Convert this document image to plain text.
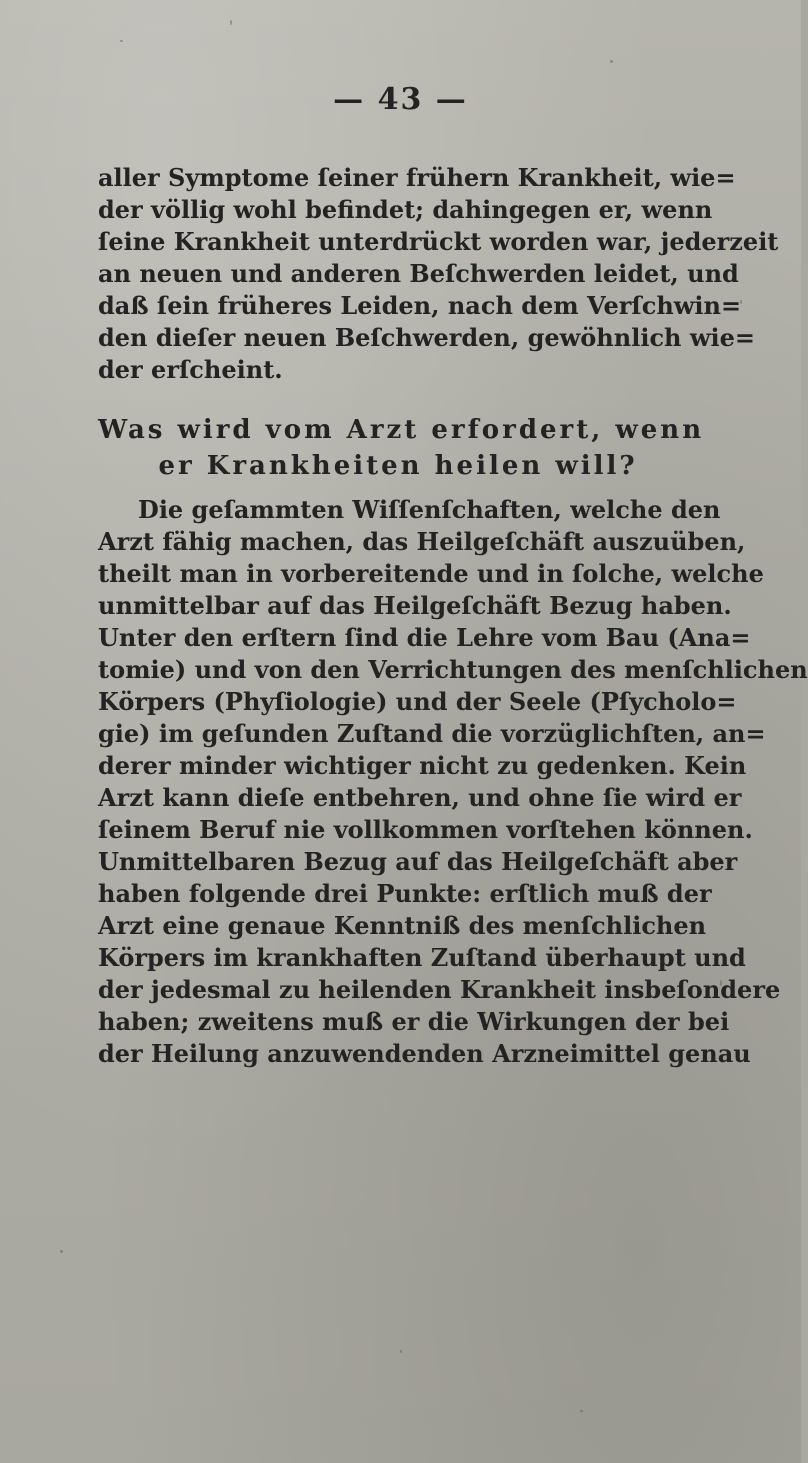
— 43 —
aller Symptome ſeiner frühern Krankheit, wie=
der völlig wohl befindet; dahingegen er, wenn
ſeine Krankheit unterdrückt worden war, jederzeit
an neuen und anderen Beſchwerden leidet, und
daß ſein früheres Leiden, nach dem Verſchwin=
den dieſer neuen Beſchwerden, gewöhnlich wie=
der erſcheint.
Was wird vom Arzt erfordert, wenn
er Krankheiten heilen will?
Die geſammten Wiſſenſchaften, welche den
Arzt fähig machen, das Heilgeſchäft auszuüben,
theilt man in vorbereitende und in ſolche, welche
unmittelbar auf das Heilgeſchäft Bezug haben.
Unter den erſtern ſind die Lehre vom Bau (Ana=
tomie) und von den Verrichtungen des menſchlichen
Körpers (Phyſiologie) und der Seele (Pſycholo=
gie) im geſunden Zuſtand die vorzüglichſten, an=
derer minder wichtiger nicht zu gedenken. Kein
Arzt kann dieſe entbehren, und ohne ſie wird er
ſeinem Beruf nie vollkommen vorſtehen können.
Unmittelbaren Bezug auf das Heilgeſchäft aber
haben folgende drei Punkte: erſtlich muß der
Arzt eine genaue Kenntniß des menſchlichen
Körpers im krankhaften Zuſtand überhaupt und
der jedesmal zu heilenden Krankheit insbeſondere
haben; zweitens muß er die Wirkungen der bei
der Heilung anzuwendenden Arzneimittel genau
